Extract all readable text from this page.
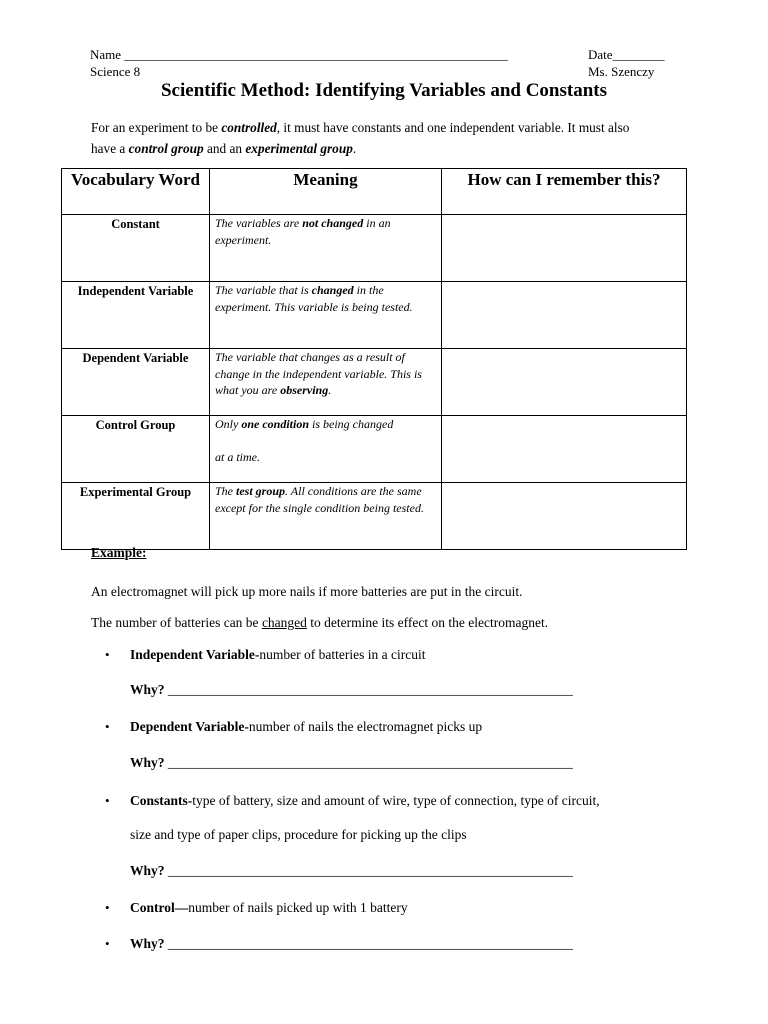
Name ___________________________________________________________	Date________
Science 8	Ms. Szenczy
Scientific Method: Identifying Variables and Constants
For an experiment to be controlled, it must have constants and one independent variable. It must also
have a control group and an experimental group.
Vocabulary Word	Meaning	How can I remember this?

Constant	The variables are not changed in an experiment.	

Independent Variable	The variable that is changed in the experiment. This variable is being tested.	

Dependent Variable	The variable that changes as a result of change in the independent variable. This is what you are observing.	

Control Group	Only one condition is being changed
at a time.	

Experimental Group	The test group. All conditions are the same except for the single condition being tested.	

Example:
An electromagnet will pick up more nails if more batteries are put in the circuit.
The number of batteries can be changed to determine its effect on the electromagnet.
• Independent Variable-number of batteries in a circuit
Why? ____________________________________________________________
• Dependent Variable-number of nails the electromagnet picks up
Why? ____________________________________________________________
• Constants-type of battery, size and amount of wire, type of connection, type of circuit,
size and type of paper clips, procedure for picking up the clips
Why? ____________________________________________________________
• Control—number of nails picked up with 1 battery
• Why? ____________________________________________________________
